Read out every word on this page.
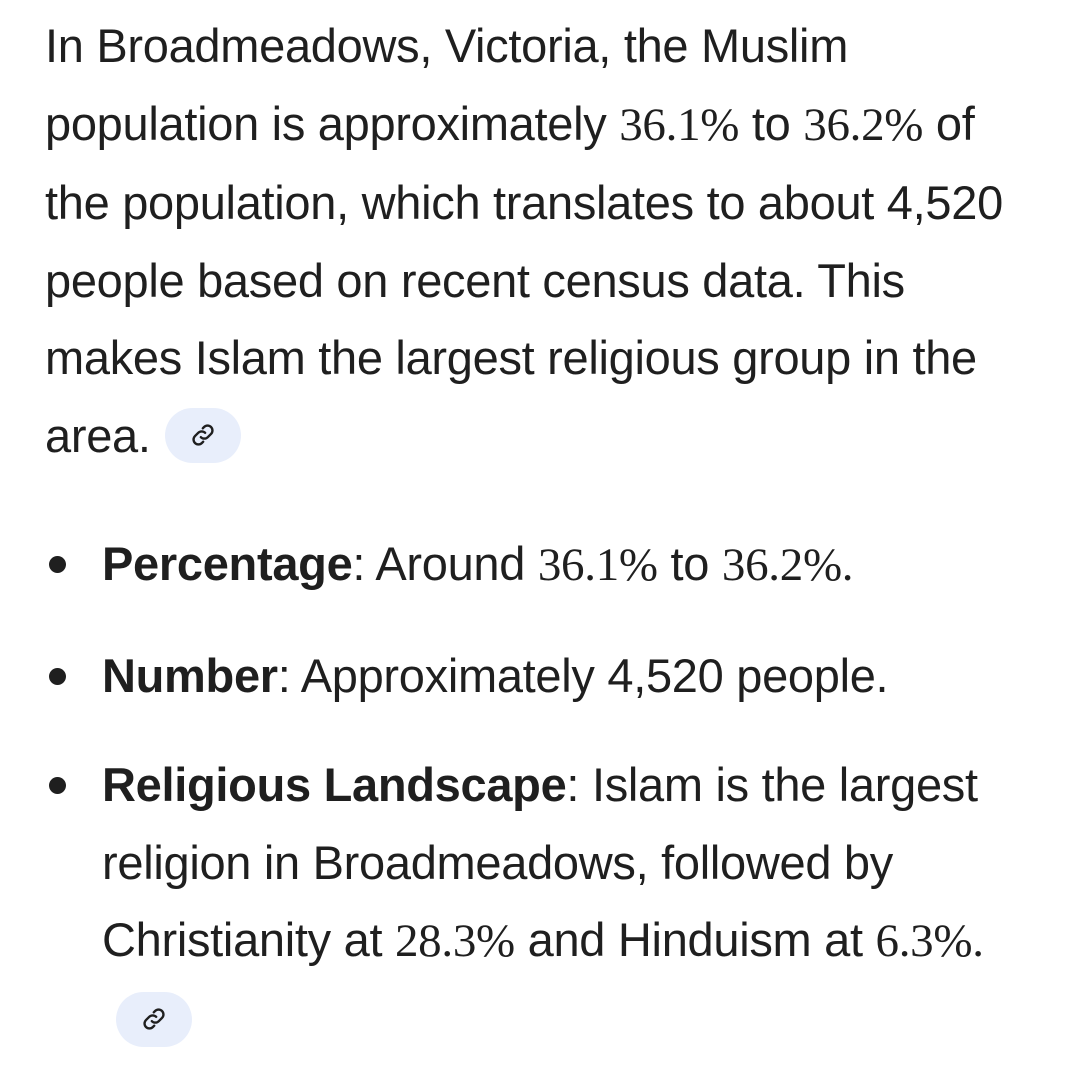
In Broadmeadows, Victoria, the Muslim population is approximately 36.1% to 36.2% of the population, which translates to about 4,520 people based on recent census data. This makes Islam the largest religious group in the area.

Percentage: Around 36.1% to 36.2%.
Number: Approximately 4,520 people.
Religious Landscape: Islam is the largest religion in Broadmeadows, followed by Christianity at 28.3% and Hinduism at 6.3%.
